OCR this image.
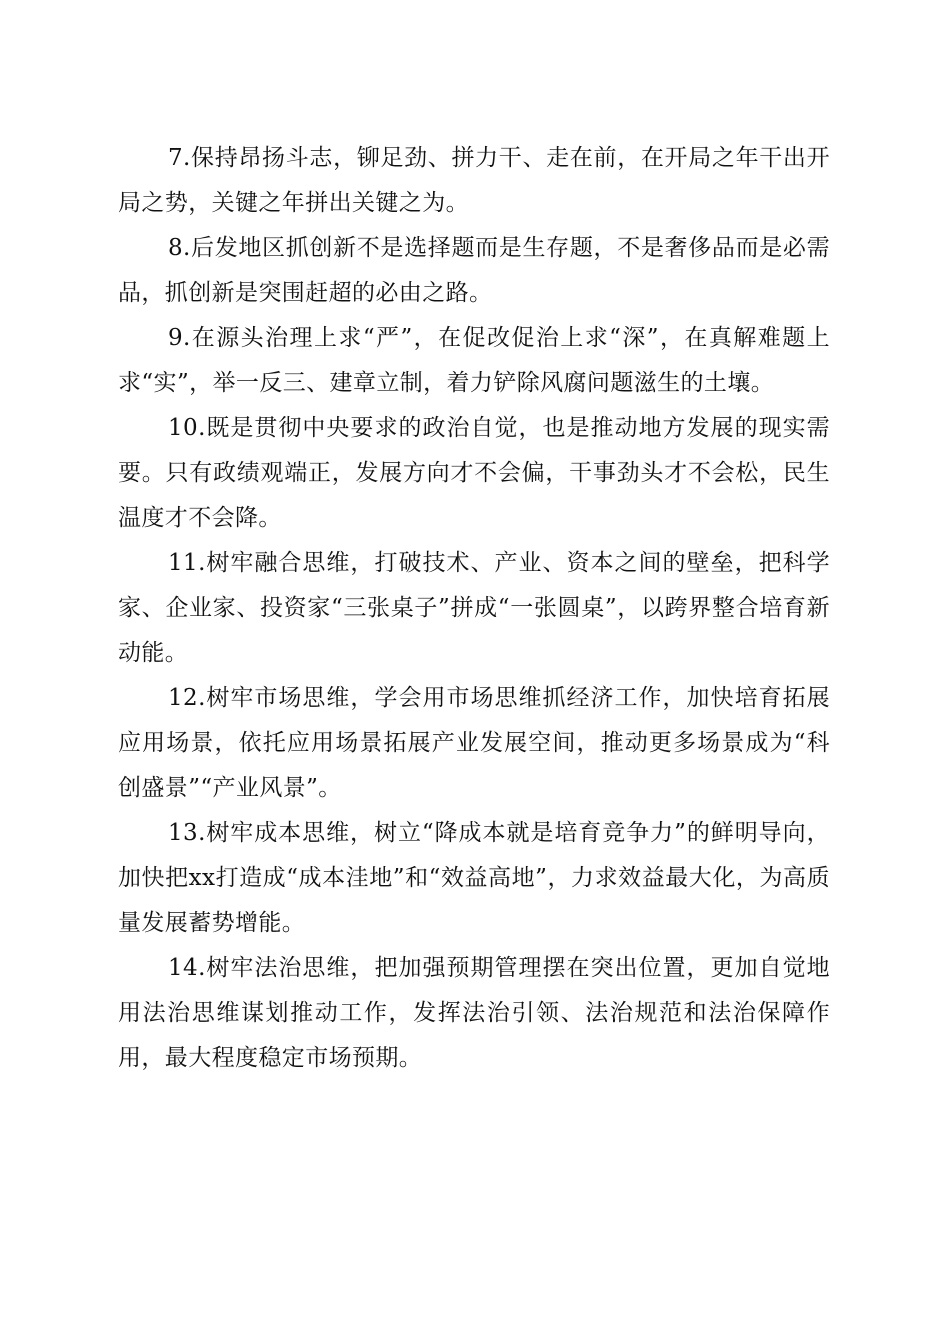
7.保持昂扬斗志，铆足劲、拼力干、走在前，在开局之年干出开局之势，关键之年拼出关键之为。

8.后发地区抓创新不是选择题而是生存题，不是奢侈品而是必需品，抓创新是突围赶超的必由之路。

9.在源头治理上求“严”，在促改促治上求“深”，在真解难题上求“实”，举一反三、建章立制，着力铲除风腐问题滋生的土壤。

10.既是贯彻中央要求的政治自觉，也是推动地方发展的现实需要。只有政绩观端正，发展方向才不会偏，干事劲头才不会松，民生温度才不会降。

11.树牢融合思维，打破技术、产业、资本之间的壁垒，把科学家、企业家、投资家“三张桌子”拼成“一张圆桌”，以跨界整合培育新动能。

12.树牢市场思维，学会用市场思维抓经济工作，加快培育拓展应用场景，依托应用场景拓展产业发展空间，推动更多场景成为“科创盛景”“产业风景”。

13.树牢成本思维，树立“降成本就是培育竞争力”的鲜明导向，加快把xx打造成“成本洼地”和“效益高地”，力求效益最大化，为高质量发展蓄势增能。

14.树牢法治思维，把加强预期管理摆在突出位置，更加自觉地用法治思维谋划推动工作，发挥法治引领、法治规范和法治保障作用，最大程度稳定市场预期。
